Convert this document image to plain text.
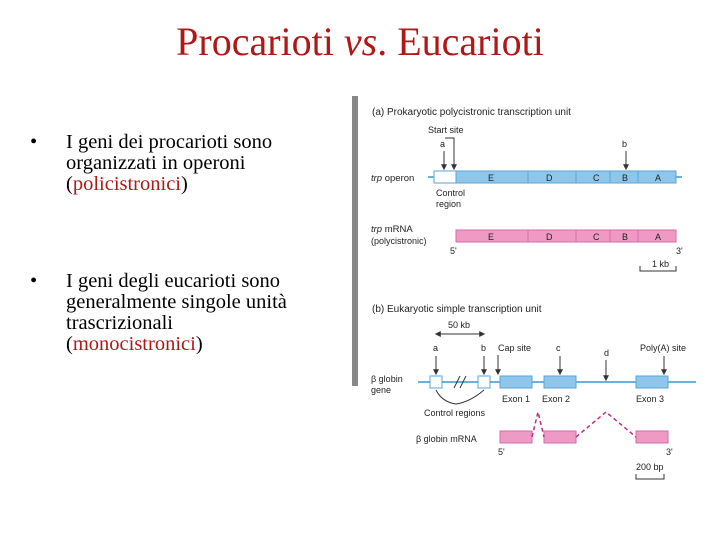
Procarioti vs. Eucarioti
• I geni dei procarioti sono
organizzati in operoni
(policistronici)
• I geni degli eucarioti sono
generalmente singole unità
trascrizionali
(monocistronici)
(a) Prokaryotic polycistronic transcription unit
Start site
a	b
trp operon	E	D	C	B	A
Control
region
trp mRNA
(polycistronic)	E	D	C	B	A
5'	3'
1 kb
(b) Eukaryotic simple transcription unit
50 kb
a	b Cap site	c	d	Poly(A) site
β globin
gene
Exon 1 Exon 2	Exon 3
Control regions
β globin mRNA
5'	3'
200 bp
